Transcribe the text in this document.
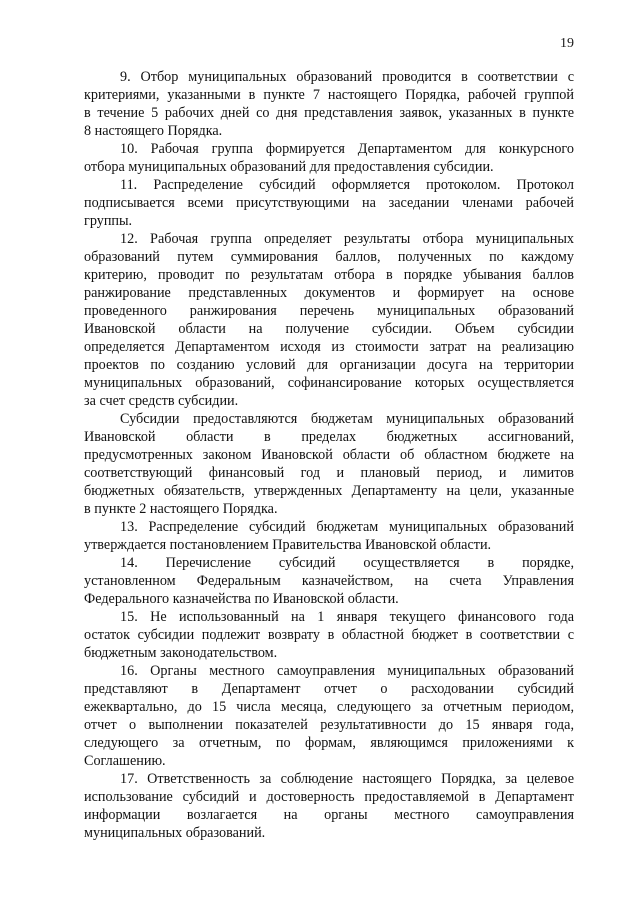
19
9. Отбор муниципальных образований проводится в соответствии с
критериями, указанными в пункте 7 настоящего Порядка, рабочей группой
в течение 5 рабочих дней со дня представления заявок, указанных в пункте
8 настоящего Порядка.
10. Рабочая группа формируется Департаментом для конкурсного
отбора муниципальных образований для предоставления субсидии.
11. Распределение субсидий оформляется протоколом. Протокол
подписывается всеми присутствующими на заседании членами рабочей
группы.
12. Рабочая группа определяет результаты отбора муниципальных
образований путем суммирования баллов, полученных по каждому
критерию, проводит по результатам отбора в порядке убывания баллов
ранжирование представленных документов и формирует на основе
проведенного ранжирования перечень муниципальных образований
Ивановской области на получение субсидии. Объем субсидии
определяется Департаментом исходя из стоимости затрат на реализацию
проектов по созданию условий для организации досуга на территории
муниципальных образований, софинансирование которых осуществляется
за счет средств субсидии.
Субсидии предоставляются бюджетам муниципальных образований
Ивановской области в пределах бюджетных ассигнований,
предусмотренных законом Ивановской области об областном бюджете на
соответствующий финансовый год и плановый период, и лимитов
бюджетных обязательств, утвержденных Департаменту на цели, указанные
в пункте 2 настоящего Порядка.
13. Распределение субсидий бюджетам муниципальных образований
утверждается постановлением Правительства Ивановской области.
14. Перечисление субсидий осуществляется в порядке,
установленном Федеральным казначейством, на счета Управления
Федерального казначейства по Ивановской области.
15. Не использованный на 1 января текущего финансового года
остаток субсидии подлежит возврату в областной бюджет в соответствии с
бюджетным законодательством.
16. Органы местного самоуправления муниципальных образований
представляют в Департамент отчет о расходовании субсидий
ежеквартально, до 15 числа месяца, следующего за отчетным периодом,
отчет о выполнении показателей результативности до 15 января года,
следующего за отчетным, по формам, являющимся приложениями к
Соглашению.
17. Ответственность за соблюдение настоящего Порядка, за целевое
использование субсидий и достоверность предоставляемой в Департамент
информации возлагается на органы местного самоуправления
муниципальных образований.
